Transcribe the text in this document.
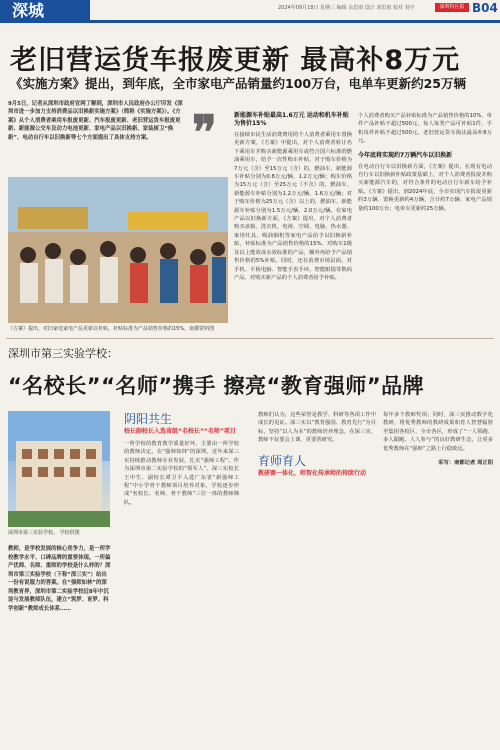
深城	2024年09月18日 星期三 编辑 余思雨 设计 刘思雨 校对 刘宇	深圳特区报 B04
老旧营运货车报废更新 最高补8万元
《实施方案》提出，到年底，全市家电产品销量约100万台，电单车更新约25万辆
9月5日，记者从深圳市政府官网了解到，深圳市人民政府办公厅印发《深圳市进一步加力支持消费品以旧换新实施方案》（简称《实施方案》）。《方案》从个人消费者乘用车报废更新、汽车报废更新、老旧营运货车报废更新、新能源公交车及动力电池更新、家电产品以旧换新、家装厨卫“焕新”、电动自行车以旧换新等七个方面提出了具体支持方案。 ❞
《方案》提出，对旧家电家电产品更新以补贴，补贴标准为产品销售价格的15%。南都资料图
新能源车补贴最高1.6万元 运动和机车补贴为售价15%
在接续市民生活消费费用的个人消费者乘用车置换更新方案，《方案》中提出，对个人消费者转让名下乘用车并购买新能源乘用车或符合国六标准的燃油乘用车，给予一次性购车补贴，对于购车价格为7万元（含）至15万元（含）的，燃油车、新能源车补贴分别为0.8万元/辆、1.2万元/辆；购车价格为15万元（含）至25万元（不含）的，燃油车、新能源车补贴分别为1.2万元/辆、1.6万元/辆；对于购车价格为25万元（含）以上的，燃油车、新能源车补贴分别为1.5万元/辆、2.0万元/辆。在家电产品以旧换新方面，《方案》提出，对个人消费者购买冰箱、洗衣机、电视、空调、电脑、热水器、家用灶具、吸油烟机等家电产品给予以旧换新补贴，补贴标准为产品销售价格的15%，对购买1级及以上能效或水效标准的产品，额外再给予产品销售价格的5%补贴。同时，还在消费市场层面，对手机、平板电脑、智能手表手环、智能眼镜等数码产品，对购买新产品的个人消费者给予补贴。
个人消费者购买产品补贴标准为产品销售价格的10%，单件产品补贴不超过500元，每人每类产品可补贴1件，手机每件补贴不超过500元。老旧营运货车淘汰最高补8万元。
今年底将实现约7万辆汽车以旧换新
在电动自行车以旧换新方面，《方案》提出，在现有电动自行车以旧换新补贴政策基础上，对个人消费者报废并购买新能源汽车的，对符合条件的电动自行车新车给予补贴。《方案》提出，到2024年底，全市实现汽车报废更新约3万辆、置换更新约4万辆，合计约7万辆；家电产品销量约100万台；电单车更新约25万辆。
深圳市第三实验学校：
“名校长”“名师”携手 擦亮“教育强师”品牌
深圳市第三实验学校。 学校供图
教师，是学校发展的核心竞争力，是一所学校教学水平、口碑品牌的重要体现。一所偏产优师、名师、重师的学校是什么样的？深圳市第三实验学校（下称“深三实”）给出一份有说服力的答案。在“强师如林”的深圳教育界，深圳市第二实验学校近8年中沉淀与发展教师队伍，建立“筑梦、育梦、科学创新”教师成长体系……
阴阳共生
校长副校长入选省级“名校长”“名师”项目
一所学校的教育教学质量好坏，主要由一所学校的教师决定。在“强师如林”的深圳，近年来深三实持续推动教师专业发展，扎实“强师工程”。作为深圳市第二实验学校的“领军人”，深三实校长王中生、副校长谭卫平入选广东省“新强师工程”中小学骨干教师项目培养对象，学校逐步形成“名校长、名师、骨干教师”三位一体的教师梯队。
教师们认为，这些荣誉是教学、科研等各项工作中成长的见证。深三实以“教育强国、教育先行”为目标，坚持“以人为本”的教师培养理念，在深三实，教师不仅要会上课，更要善研究。
育师育人
教研赛一体化，师智化传承师的持续行动
每年多个教师奖项；同时，深三实推动数字化教研，将优秀教师的教研成果和育人智慧辐射至集团各校区、全市各区，形成了“一人领跑、多人跟跑、人人参与”的良好教研生态，让更多优秀教师在“强师”之路上行稳致远。
采写：南都记者 周正阳
